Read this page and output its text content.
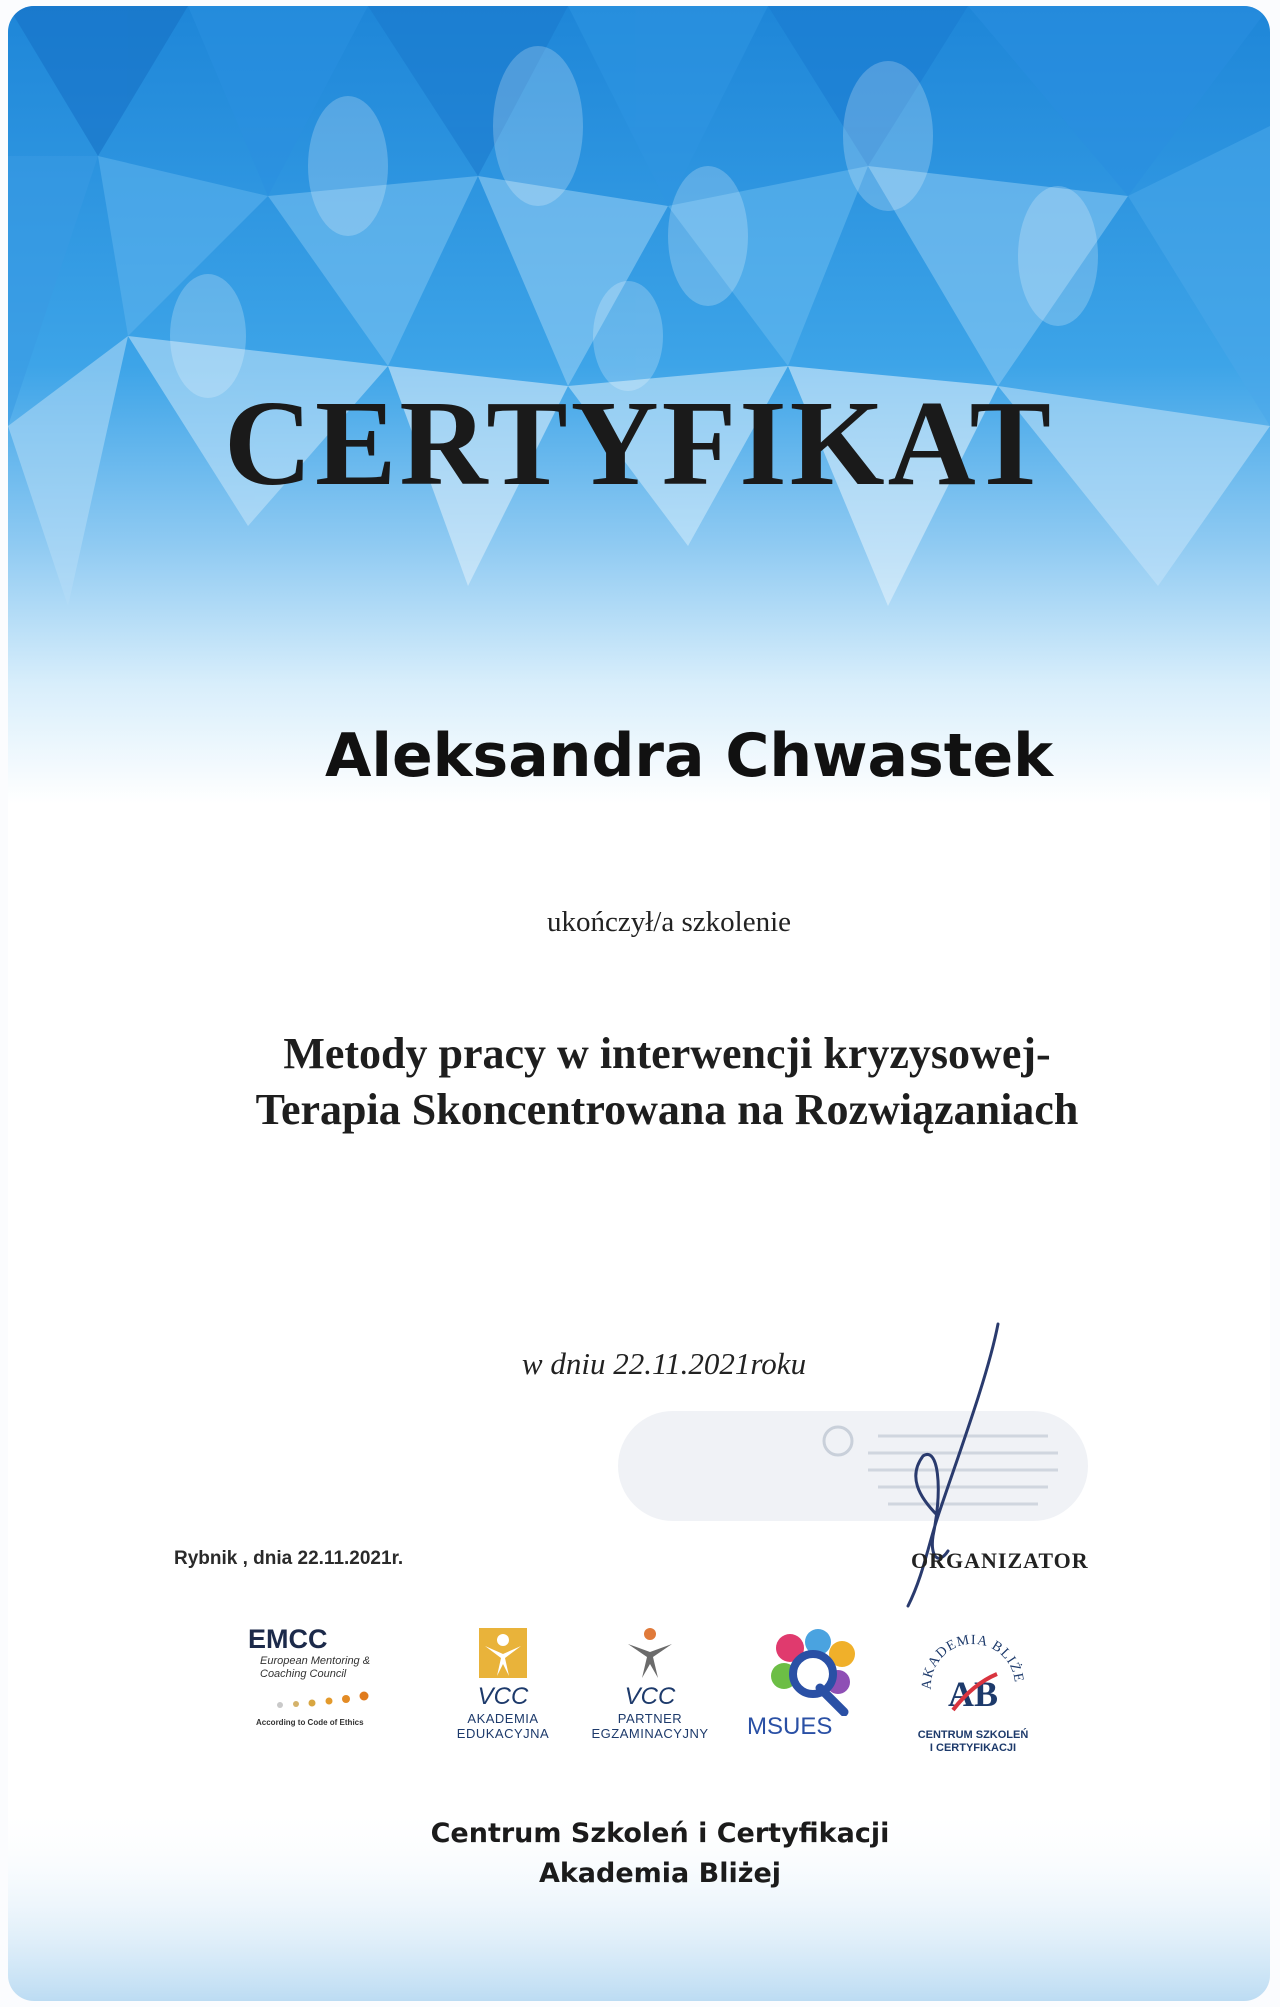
CERTYFIKAT
Aleksandra Chwastek
ukończył/a szkolenie
Metody pracy w interwencji kryzysowej-
Terapia Skoncentrowana na Rozwiązaniach
w dniu 22.11.2021roku
Rybnik , dnia 22.11.2021r.	ORGANIZATOR
EMCC
European Mentoring &
Coaching Council
According to Code of Ethics
VCC
AKADEMIA
EDUKACYJNA
VCC
PARTNER
EGZAMINACYJNY	MSUES
AKADEMIA BLIŻE
AB
CENTRUM SZKOLEŃ
I CERTYFIKACJI
Centrum Szkoleń i Certyfikacji
Akademia Bliżej
